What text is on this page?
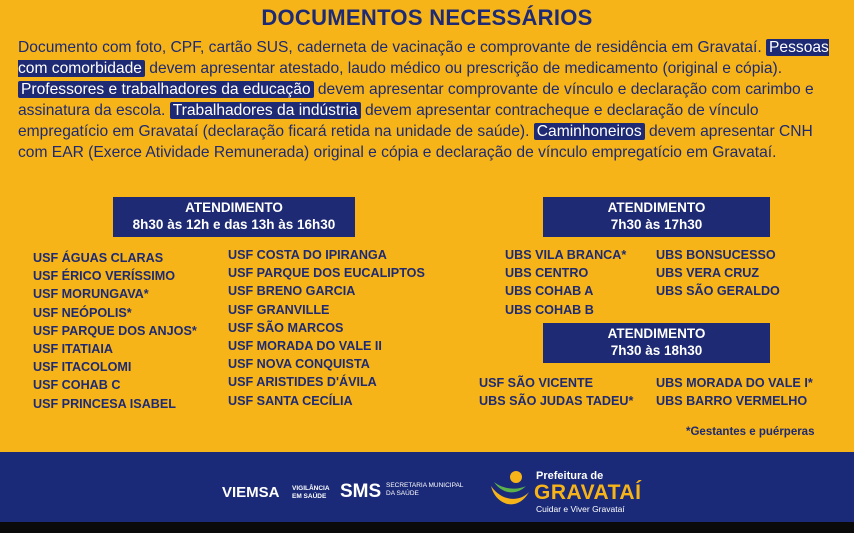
DOCUMENTOS NECESSÁRIOS
Documento com foto, CPF, cartão SUS, caderneta de vacinação e comprovante de residência em Gravataí. Pessoas com comorbidade devem apresentar atestado, laudo médico ou prescrição de medicamento (original e cópia). Professores e trabalhadores da educação devem apresentar comprovante de vínculo e declaração com carimbo e assinatura da escola. Trabalhadores da indústria devem apresentar contracheque e declaração de vínculo empregatício em Gravataí (declaração ficará retida na unidade de saúde). Caminhoneiros devem apresentar CNH com EAR (Exerce Atividade Remunerada) original e cópia e declaração de vínculo empregatício em Gravataí.
ATENDIMENTO
8h30 às 12h e das 13h às 16h30
ATENDIMENTO
7h30 às 17h30
ATENDIMENTO
7h30 às 18h30
USF ÁGUAS CLARAS
USF ÉRICO VERÍSSIMO
USF MORUNGAVA*
USF NEÓPOLIS*
USF PARQUE DOS ANJOS*
USF ITATIAIA
USF ITACOLOMI
USF COHAB C
USF PRINCESA ISABEL
USF COSTA DO IPIRANGA
USF PARQUE DOS EUCALIPTOS
USF BRENO GARCIA
USF GRANVILLE
USF SÃO MARCOS
USF MORADA DO VALE II
USF NOVA CONQUISTA
USF ARISTIDES D'ÁVILA
USF SANTA CECÍLIA
UBS VILA BRANCA*
UBS CENTRO
UBS COHAB A
UBS COHAB B
UBS BONSUCESSO
UBS VERA CRUZ
UBS SÃO GERALDO
USF SÃO VICENTE
UBS SÃO JUDAS TADEU*
UBS MORADA DO VALE I*
UBS BARRO VERMELHO
*Gestantes e puérperas
VIEMSA VIGILÂNCIA
EM SAÚDE SMS SECRETARIA MUNICIPAL
DA SAÚDE
Prefeitura de
GRAVATAÍ
Cuidar e Viver Gravataí
